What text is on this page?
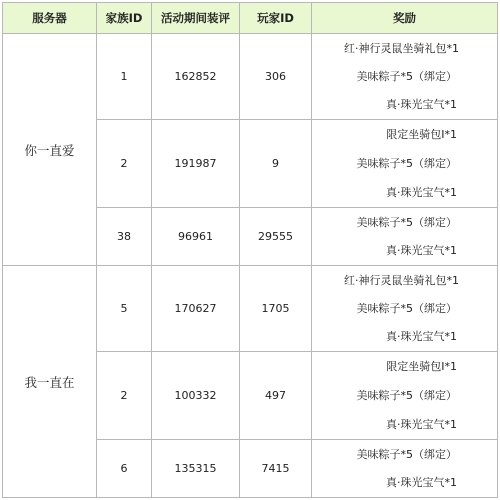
服务器	家族ID	活动期间装评	玩家ID	奖励
你一直爱	1	162852	306	红·神行灵鼠坐骑礼包*1
美味粽子*5（绑定）
真·珠光宝气*1

	2	191987	9	限定坐骑包I*1
美味粽子*5（绑定）
真·珠光宝气*1

	38	96961	29555	美味粽子*5（绑定）
真·珠光宝气*1

我一直在	5	170627	1705	红·神行灵鼠坐骑礼包*1
美味粽子*5（绑定）
真·珠光宝气*1

	2	100332	497	限定坐骑包I*1
美味粽子*5（绑定）
真·珠光宝气*1

	6	135315	7415	美味粽子*5（绑定）
真·珠光宝气*1
